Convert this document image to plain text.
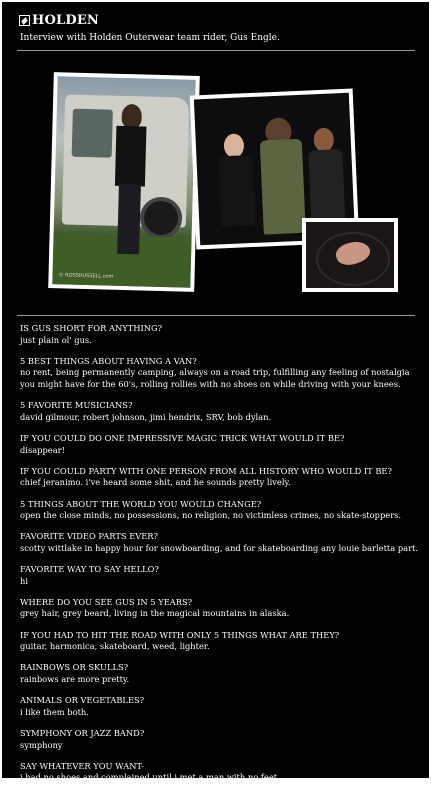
HOLDEN
Interview with Holden Outerwear team rider, Gus Engle.
© ROSSRUSSELL.com
IS GUS SHORT FOR ANYTHING?
just plain ol' gus.
5 BEST THINGS ABOUT HAVING A VAN?
no rent, being permanently camping, always on a road trip, fulfilling any feeling of nostalgia you might have for the 60's, rolling rollies with no shoes on while driving with your knees.
5 FAVORITE MUSICIANS?
david gilmour, robert johnson, jimi hendrix, SRV, bob dylan.
IF YOU COULD DO ONE IMPRESSIVE MAGIC TRICK WHAT WOULD IT BE?
disappear!
IF YOU COULD PARTY WITH ONE PERSON FROM ALL HISTORY WHO WOULD IT BE?
chief jeranimo. i've heard some shit, and he sounds pretty lively.
5 THINGS ABOUT THE WORLD YOU WOULD CHANGE?
open the close minds, no possessions, no religion, no victimless crimes, no skate-stoppers.
FAVORITE VIDEO PARTS EVER?
scotty wittlake in happy hour for snowboarding, and for skateboarding any louie barletta part.
FAVORITE WAY TO SAY HELLO?
hi
WHERE DO YOU SEE GUS IN 5 YEARS?
grey hair, grey beard, living in the magical mountains in alaska.
IF YOU HAD TO HIT THE ROAD WITH ONLY 5 THINGS WHAT ARE THEY?
guitar, harmonica, skateboard, weed, lighter.
RAINBOWS OR SKULLS?
rainbows are more pretty.
ANIMALS OR VEGETABLES?
i like them both.
SYMPHONY OR JAZZ BAND?
symphony
SAY WHATEVER YOU WANT-
i had no shoes and complained until i met a man with no feet.
